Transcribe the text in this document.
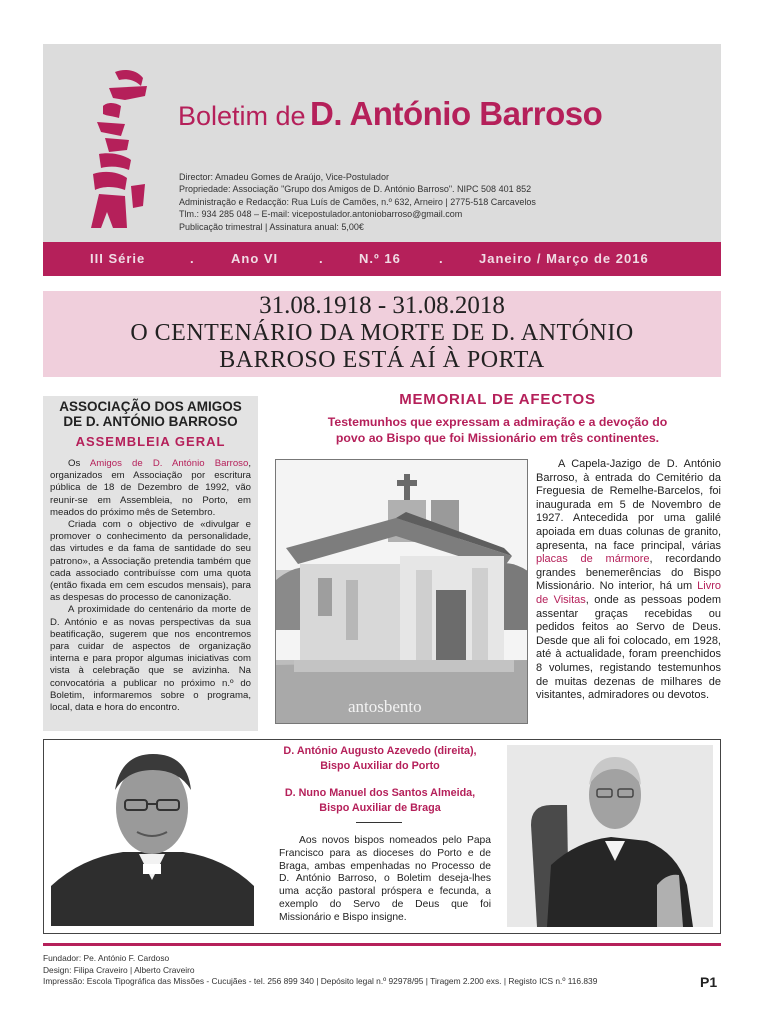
Boletim de D. António Barroso
Director: Amadeu Gomes de Araújo, Vice-Postulador
Propriedade: Associação "Grupo dos Amigos de D. António Barroso". NIPC 508 401 852
Administração e Redacção: Rua Luís de Camões, n.º 632, Arneiro | 2775-518 Carcavelos
Tlm.: 934 285 048 – E-mail: vicepostulador.antoniobarroso@gmail.com
Publicação trimestral | Assinatura anual: 5,00€
III Série	.	Ano VI	.	N.º 16	.	Janeiro / Março de 2016
31.08.1918 - 31.08.2018
O CENTENÁRIO DA MORTE DE D. ANTÓNIO
BARROSO ESTÁ AÍ À PORTA
ASSOCIAÇÃO DOS AMIGOS
DE D. ANTÓNIO BARROSO
ASSEMBLEIA GERAL

Os Amigos de D. António Barroso, organizados em Associação por escritura pública de 18 de Dezembro de 1992, vão reunir-se em Assembleia, no Porto, em meados do próximo mês de Setembro.

Criada com o objectivo de «divulgar e promover o conhecimento da personalidade, das virtudes e da fama de santidade do seu patrono», a Associação pretendia também que cada associado contribuísse com uma quota (então fixada em cem escudos mensais), para as despesas do processo de canonização.

A proximidade do centenário da morte de D. António e as novas perspectivas da sua beatificação, sugerem que nos encontremos para cuidar de aspectos de organização interna e para propor algumas iniciativas com vista à celebração que se avizinha. Na convocatória a publicar no próximo n.º do Boletim, informaremos sobre o programa, local, data e hora do encontro.

MEMORIAL DE AFECTOS
Testemunhos que expressam a admiração e a devoção do
povo ao Bispo que foi Missionário em três continentes.
antosbento

A Capela-Jazigo de D. António Barroso, à entrada do Cemitério da Freguesia de Remelhe-Barcelos, foi inaugurada em 5 de Novembro de 1927. Antecedida por uma galilé apoiada em duas colunas de granito, apresenta, na face principal, várias placas de mármore, recordando grandes benemerências do Bispo Missionário. No interior, há um Livro de Visitas, onde as pessoas podem assentar graças recebidas ou pedidos feitos ao Servo de Deus. Desde que ali foi colocado, em 1928, até à actualidade, foram preenchidos 8 volumes, registando testemunhos de muitas dezenas de milhares de visitantes, admiradores ou devotos.

D. António Augusto Azevedo (direita),
Bispo Auxiliar do Porto
D. Nuno Manuel dos Santos Almeida,
Bispo Auxiliar de Braga

Aos novos bispos nomeados pelo Papa Francisco para as dioceses do Porto e de Braga, ambas empenhadas no Processo de D. António Barroso, o Boletim deseja-lhes uma acção pastoral próspera e fecunda, a exemplo do Servo de Deus que foi Missionário e Bispo insigne.

Fundador: Pe. António F. Cardoso
Design: Filipa Craveiro | Alberto Craveiro
Impressão: Escola Tipográfica das Missões - Cucujães - tel. 256 899 340 | Depósito legal n.º 92978/95 | Tiragem 2.200 exs. | Registo ICS n.º 116.839	P1
